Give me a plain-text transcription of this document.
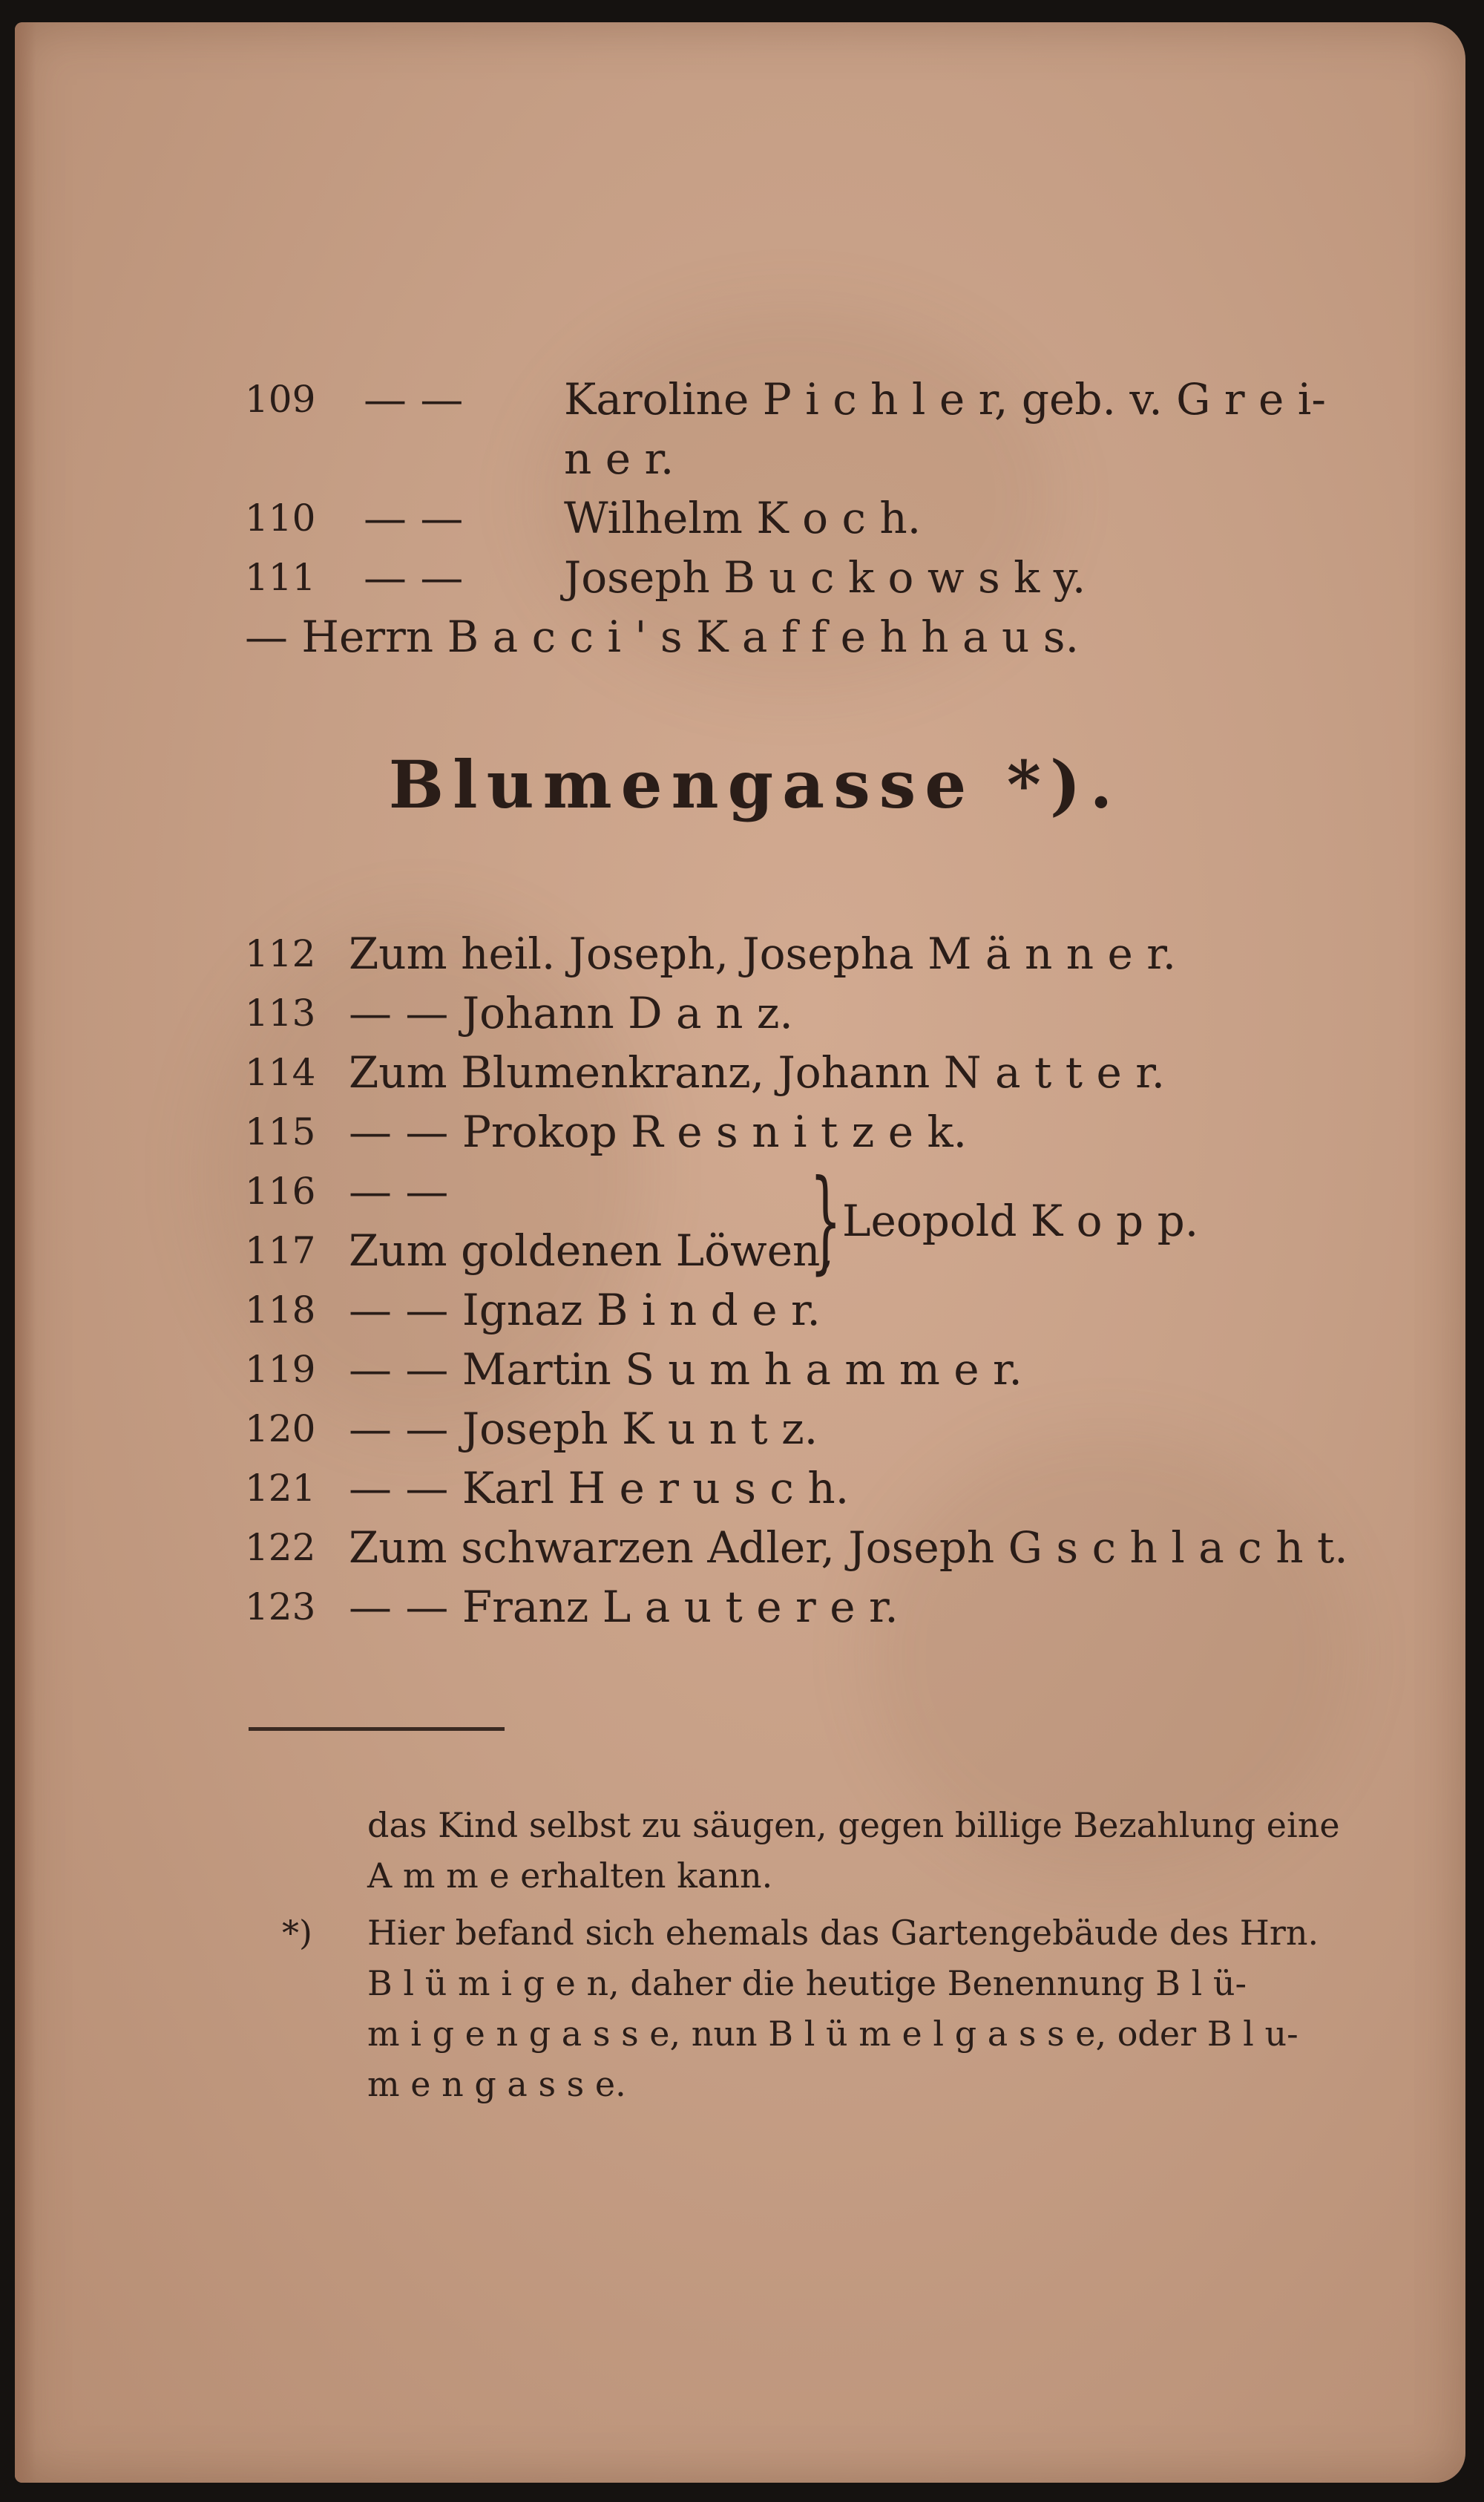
109	— — Karoline P i c h l e r, geb. v. G r e i-
n e r.
110	— — Wilhelm K o c h.
111	— — Joseph B u c k o w s k y.
— Herrn B a c c i ' s K a f f e h h a u s.
Blumengasse *).
112 Zum heil. Joseph, Josepha M ä n n e r.
113 — — Johann D a n z.
114 Zum Blumenkranz, Johann N a t t e r.
115 — — Prokop R e s n i t z e k.
116 — —
117 Zum goldenen Löwen,
} Leopold K o p p.
118 — — Ignaz B i n d e r.
119 — — Martin S u m h a m m e r.
120 — — Joseph K u n t z.
121 — — Karl H e r u s c h.
122 Zum schwarzen Adler, Joseph G s c h l a c h t.
123 — — Franz L a u t e r e r.
das Kind selbst zu säugen, gegen billige Bezahlung eine
A m m e erhalten kann.
*) Hier befand sich ehemals das Gartengebäude des Hrn.
B l ü m i g e n, daher die heutige Benennung B l ü-
m i g e n g a s s e, nun B l ü m e l g a s s e, oder B l u-
m e n g a s s e.
